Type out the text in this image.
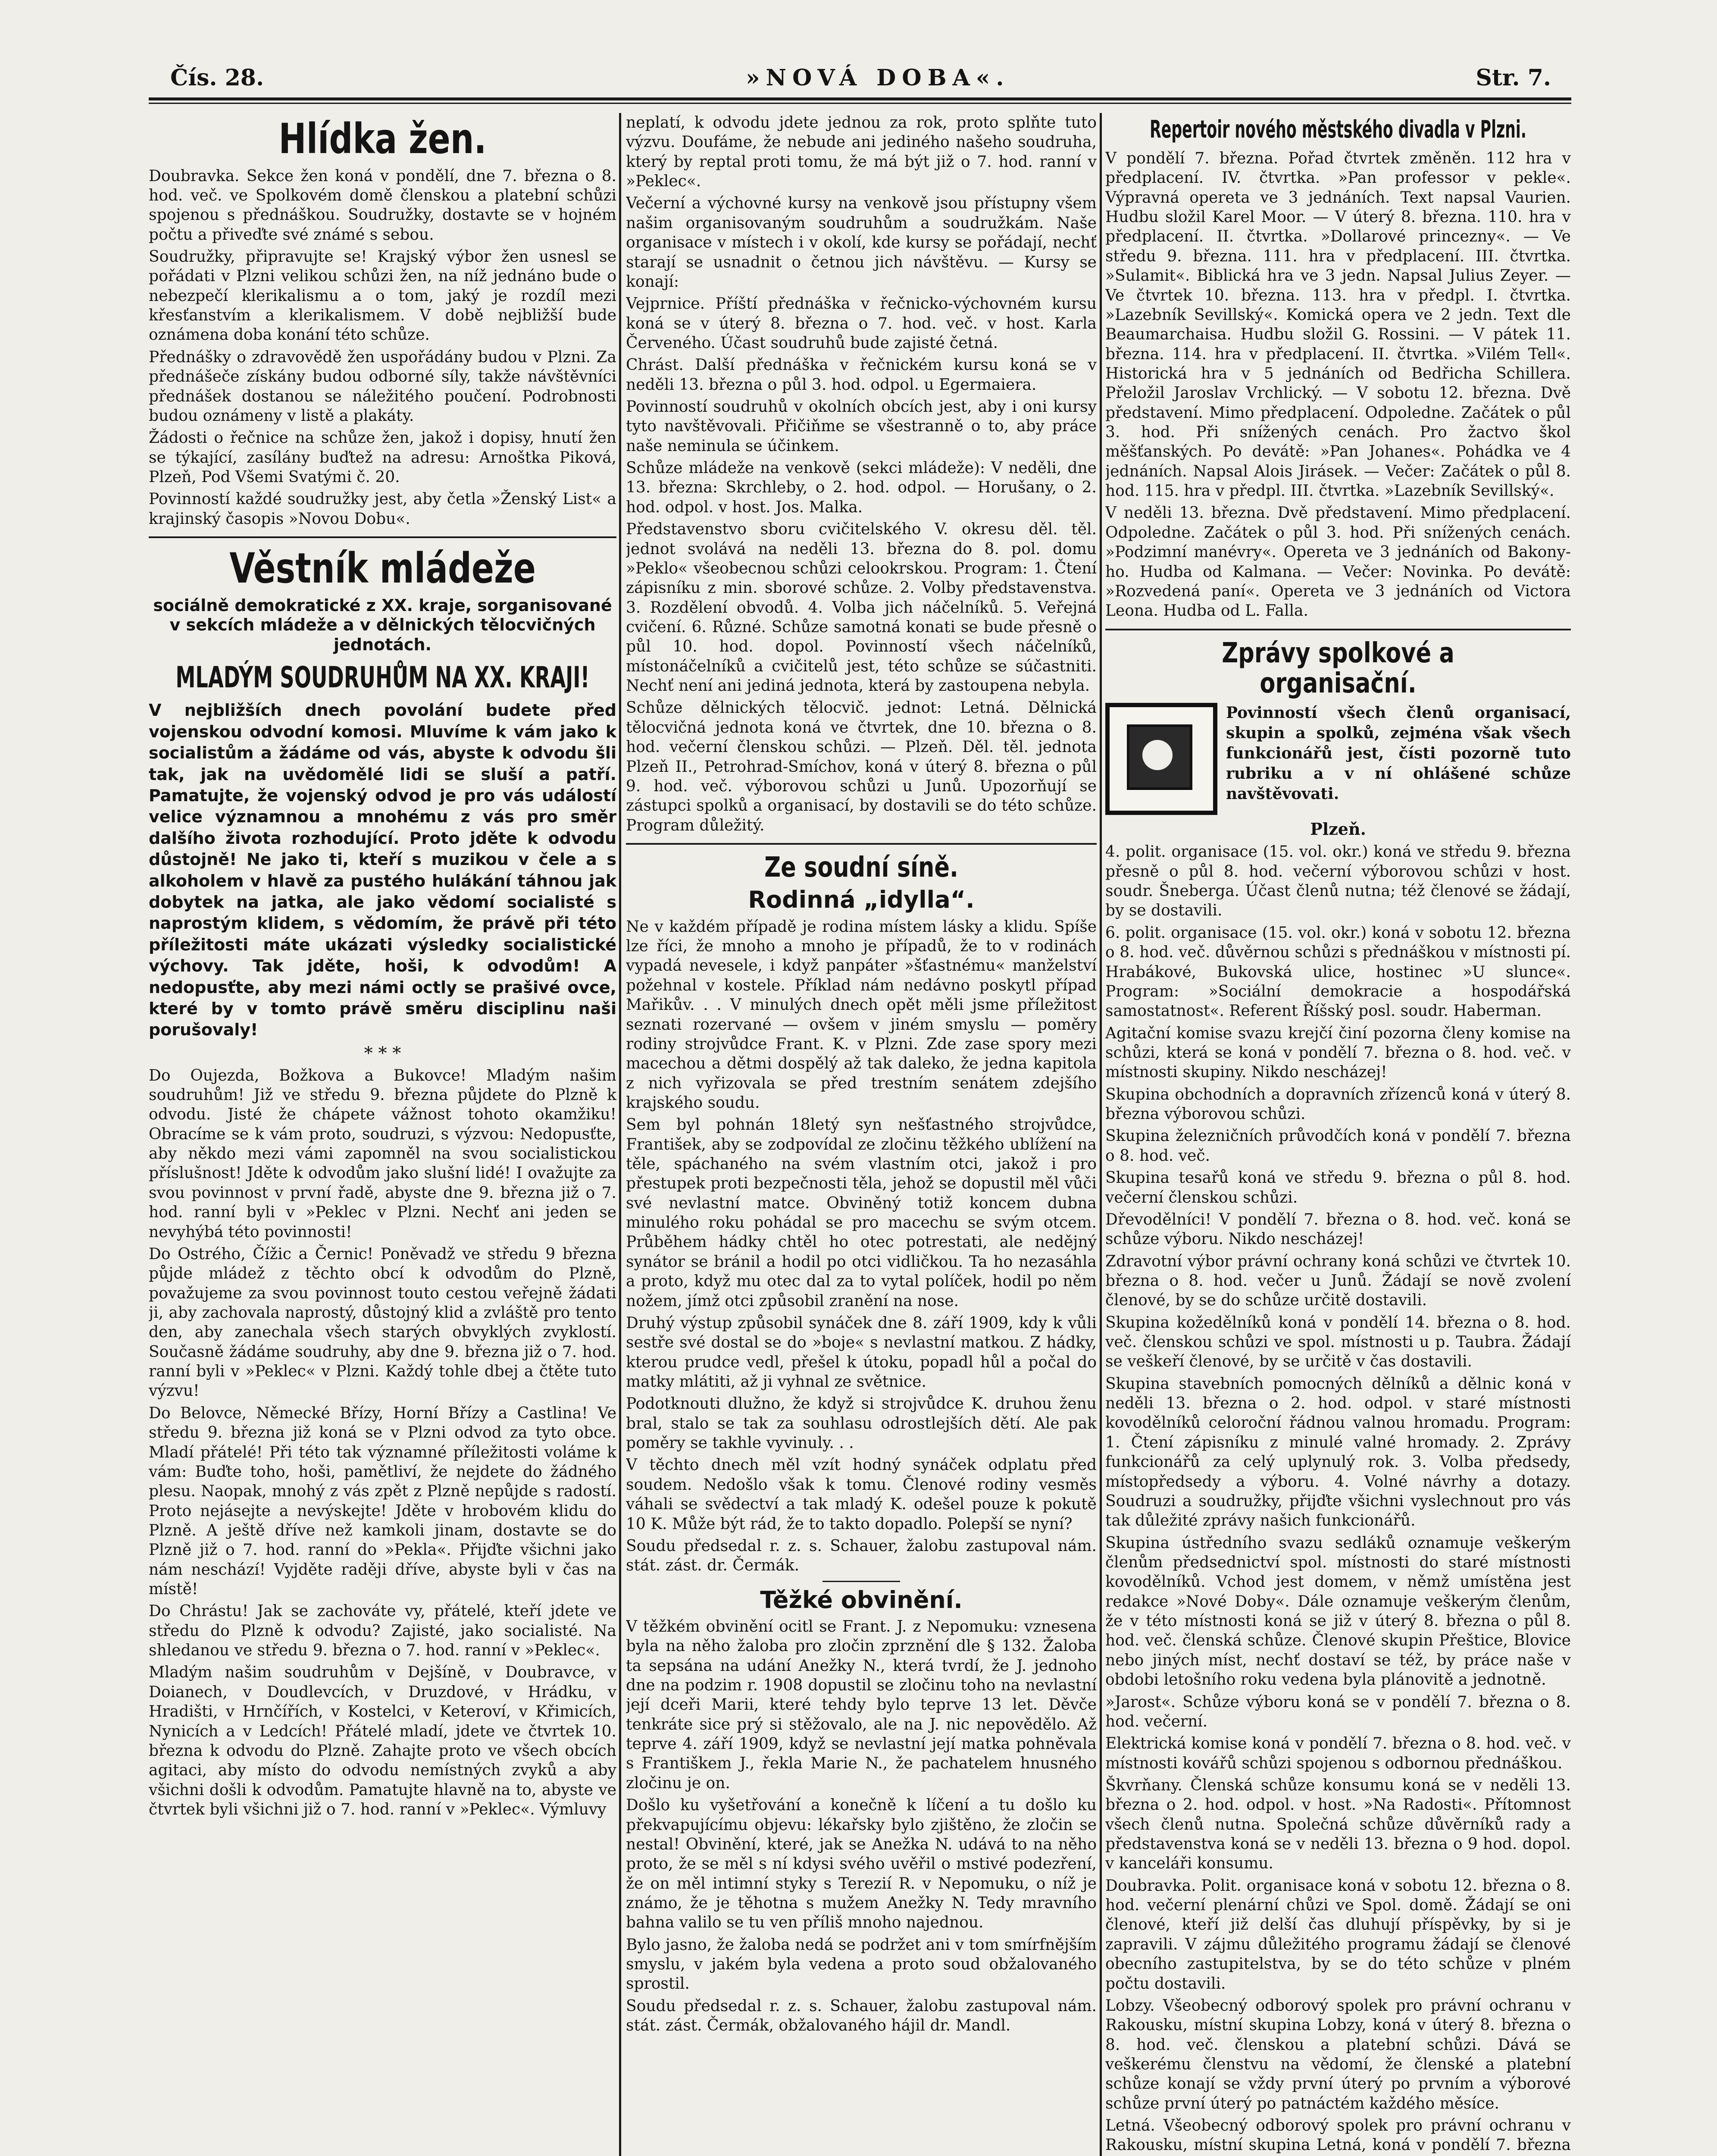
Čís. 28.	»NOVÁ DOBA«.	Str. 7.
Hlídka žen.

Doubravka. Sekce žen koná v pondělí, dne 7. března o 8. hod. več. ve Spolkovém domě členskou a platební schůzi spojenou s přednáškou. Soudružky, dostavte se v hojném počtu a přiveďte své známé s sebou.

Soudružky, připravujte se! Krajský výbor žen usnesl se pořádati v Plzni velikou schůzi žen, na níž jednáno bude o nebezpečí klerikalismu a o tom, jaký je rozdíl mezi křesťanstvím a klerikalismem. V době nejbližší bude oznámena doba konání této schůze.

Přednášky o zdravovědě žen uspořádány budou v Plzni. Za přednášeče získány budou odborné síly, takže návštěvníci přednášek dostanou se náležitého poučení. Podrobnosti budou oznámeny v listě a plakáty.

Žádosti o řečnice na schůze žen, jakož i dopisy, hnutí žen se týkající, zasílány buďtež na adresu: Arnoštka Piková, Plzeň, Pod Všemi Svatými č. 20.

Povinností každé soudružky jest, aby četla »Ženský List« a krajinský časopis »Novou Dobu«.

Věstník mládeže
sociálně demokratické z XX. kraje, sorganisované v sekcích mládeže a v dělnických tělocvičných jednotách.
MLADÝM SOUDRUHŮM NA XX. KRAJI!

V nejbližších dnech povolání budete před vojenskou odvodní komosi. Mluvíme k vám jako k socialistům a žádáme od vás, abyste k odvodu šli tak, jak na uvědomělé lidi se sluší a patří. Pamatujte, že vojenský odvod je pro vás událostí velice významnou a mnohému z vás pro směr dalšího života rozhodující. Proto jděte k odvodu důstojně! Ne jako ti, kteří s muzikou v čele a s alkoholem v hlavě za pustého hulákání táhnou jak dobytek na jatka, ale jako vědomí socialisté s naprostým klidem, s vědomím, že právě při této příležitosti máte ukázati výsledky socialistické výchovy. Tak jděte, hoši, k odvodům! A nedopusťte, aby mezi námi octly se prašivé ovce, které by v tomto právě směru disciplinu naši porušovaly!

* * *

Do Oujezda, Božkova a Bukovce! Mladým našim soudruhům! Již ve středu 9. března půjdete do Plzně k odvodu. Jisté že chápete vážnost tohoto okamžiku! Obracíme se k vám proto, soudruzi, s výzvou: Nedopusťte, aby někdo mezi vámi zapomněl na svou socialistickou příslušnost! Jděte k odvodům jako slušní lidé! I ovažujte za svou povinnost v první řadě, abyste dne 9. března již o 7. hod. ranní byli v »Peklec v Plzni. Nechť ani jeden se nevyhýbá této povinnosti!

Do Ostrého, Čížic a Černic! Poněvadž ve středu 9 března půjde mládež z těchto obcí k odvodům do Plzně, považujeme za svou povinnost touto cestou veřejně žádati ji, aby zachovala naprostý, důstojný klid a zvláště pro tento den, aby zanechala všech starých obvyklých zvyklostí. Současně žádáme soudruhy, aby dne 9. března již o 7. hod. ranní byli v »Peklec« v Plzni. Každý tohle dbej a čtěte tuto výzvu!

Do Belovce, Německé Břízy, Horní Břízy a Castlina! Ve středu 9. března již koná se v Plzni odvod za tyto obce. Mladí přátelé! Při této tak významné příležitosti voláme k vám: Buďte toho, hoši, pamětliví, že nejdete do žádného plesu. Naopak, mnohý z vás zpět z Plzně nepůjde s radostí. Proto nejásejte a nevýskejte! Jděte v hrobovém klidu do Plzně. A ještě dříve než kamkoli jinam, dostavte se do Plzně již o 7. hod. ranní do »Pekla«. Přijďte všichni jako nám neschází! Vyjděte raději dříve, abyste byli v čas na místě!

Do Chrástu! Jak se zachováte vy, přátelé, kteří jdete ve středu do Plzně k odvodu? Zajisté, jako socialisté. Na shledanou ve středu 9. března o 7. hod. ranní v »Peklec«.

Mladým našim soudruhům v Dejšíně, v Doubravce, v Doianech, v Doudlevcích, v Druzdové, v Hrádku, v Hradišti, v Hrnčířích, v Kostelci, v Keteroví, v Křimicích, Nynicích a v Ledcích! Přátelé mladí, jdete ve čtvrtek 10. března k odvodu do Plzně. Zahajte proto ve všech obcích agitaci, aby místo do odvodu nemístných zvyků a aby všichni došli k odvodům. Pamatujte hlavně na to, abyste ve čtvrtek byli všichni již o 7. hod. ranní v »Peklec«. Výmluvy

neplatí, k odvodu jdete jednou za rok, proto splňte tuto výzvu. Doufáme, že nebude ani jediného našeho soudruha, který by reptal proti tomu, že má být již o 7. hod. ranní v »Peklec«.

Večerní a výchovné kursy na venkově jsou přístupny všem našim organisovaným soudruhům a soudružkám. Naše organisace v místech i v okolí, kde kursy se pořádají, nechť starají se usnadnit o četnou jich návštěvu. — Kursy se konají:

Vejprnice. Příští přednáška v řečnicko-výchovném kursu koná se v úterý 8. března o 7. hod. več. v host. Karla Červeného. Účast soudruhů bude zajisté četná.

Chrást. Další přednáška v řečnickém kursu koná se v neděli 13. března o půl 3. hod. odpol. u Egermaiera.

Povinností soudruhů v okolních obcích jest, aby i oni kursy tyto navštěvovali. Přičiňme se všestranně o to, aby práce naše neminula se účinkem.

Schůze mládeže na venkově (sekci mládeže): V neděli, dne 13. března: Skrchleby, o 2. hod. odpol. — Horušany, o 2. hod. odpol. v host. Jos. Malka.

Představenstvo sboru cvičitelského V. okresu děl. těl. jednot svolává na neděli 13. března do 8. pol. domu »Peklo« všeobecnou schůzi celookrskou. Program: 1. Čtení zápisníku z min. sborové schůze. 2. Volby představenstva. 3. Rozdělení obvodů. 4. Volba jich náčelníků. 5. Veřejná cvičení. 6. Různé. Schůze samotná konati se bude přesně o půl 10. hod. dopol. Povinností všech náčelníků, místonáčelníků a cvičitelů jest, této schůze se súčastniti. Nechť není ani jediná jednota, která by zastoupena nebyla.

Schůze dělnických tělocvič. jednot: Letná. Dělnická tělocvičná jednota koná ve čtvrtek, dne 10. března o 8. hod. večerní členskou schůzi. — Plzeň. Děl. těl. jednota Plzeň II., Petrohrad-Smíchov, koná v úterý 8. března o půl 9. hod. več. výborovou schůzi u Junů. Upozorňují se zástupci spolků a organisací, by dostavili se do této schůze. Program důležitý.

Ze soudní síně.
Rodinná „idylla“.

Ne v každém případě je rodina místem lásky a klidu. Spíše lze říci, že mnoho a mnoho je případů, že to v rodinách vypadá nevesele, i když panpáter »šťastnému« manželství požehnal v kostele. Příklad nám nedávno poskytl případ Mařikův. . . V minulých dnech opět měli jsme příležitost seznati rozervané — ovšem v jiném smyslu — poměry rodiny strojvůdce Frant. K. v Plzni. Zde zase spory mezi macechou a dětmi dospělý až tak daleko, že jedna kapitola z nich vyřizovala se před trestním senátem zdejšího krajského soudu.

Sem byl pohnán 18letý syn nešťastného strojvůdce, František, aby se zodpovídal ze zločinu těžkého ublížení na těle, spáchaného na svém vlastním otci, jakož i pro přestupek proti bezpečnosti těla, jehož se dopustil měl vůči své nevlastní matce. Obviněný totiž koncem dubna minulého roku pohádal se pro macechu se svým otcem. Průběhem hádky chtěl ho otec potrestati, ale nedějný synátor se bránil a hodil po otci vidličkou. Ta ho nezasáhla a proto, když mu otec dal za to vytal políček, hodil po něm nožem, jímž otci způsobil zranění na nose.

Druhý výstup způsobil synáček dne 8. září 1909, kdy k vůli sestře své dostal se do »boje« s nevlastní matkou. Z hádky, kterou prudce vedl, přešel k útoku, popadl hůl a počal do matky mlátiti, až ji vyhnal ze světnice.

Podotknouti dlužno, že když si strojvůdce K. druhou ženu bral, stalo se tak za souhlasu odrostlejších dětí. Ale pak poměry se takhle vyvinuly. . .

V těchto dnech měl vzít hodný synáček odplatu před soudem. Nedošlo však k tomu. Členové rodiny vesměs váhali se svědectví a tak mladý K. odešel pouze k pokutě 10 K. Může být rád, že to takto dopadlo. Polepší se nyní?

Soudu předsedal r. z. s. Schauer, žalobu zastupoval nám. stát. zást. dr. Čermák.

Těžké obvinění.

V těžkém obvinění ocitl se Frant. J. z Nepomuku: vznesena byla na něho žaloba pro zločin zprznění dle § 132. Žaloba ta sepsána na udání Anežky N., která tvrdí, že J. jednoho dne na podzim r. 1908 dopustil se zločinu toho na nevlastní její dceři Marii, které tehdy bylo teprve 13 let. Děvče tenkráte sice prý si stěžovalo, ale na J. nic nepovědělo. Až teprve 4. září 1909, když se nevlastní její matka pohněvala s Františkem J., řekla Marie N., že pachatelem hnusného zločinu je on.

Došlo ku vyšetřování a konečně k líčení a tu došlo ku překvapujícímu objevu: lékařsky bylo zjištěno, že zločin se nestal! Obvinění, které, jak se Anežka N. udává to na něho proto, že se měl s ní kdysi svého uvěřil o mstivé podezření, že on měl intimní styky s Terezií R. v Nepomuku, o níž je známo, že je těhotna s mužem Anežky N. Tedy mravního bahna valilo se tu ven příliš mnoho najednou.

Bylo jasno, že žaloba nedá se podržet ani v tom smírfnějším smyslu, v jakém byla vedena a proto soud obžalovaného sprostil.

Soudu předsedal r. z. s. Schauer, žalobu zastupoval nám. stát. zást. Čermák, obžalovaného hájil dr. Mandl.

Repertoir nového městského divadla v Plzni.

V pondělí 7. března. Pořad čtvrtek změněn. 112 hra v předplacení. IV. čtvrtka. »Pan professor v pekle«. Výpravná opereta ve 3 jednáních. Text napsal Vaurien. Hudbu složil Karel Moor. — V úterý 8. března. 110. hra v předplacení. II. čtvrtka. »Dollarové princezny«. — Ve středu 9. března. 111. hra v předplacení. III. čtvrtka. »Sulamit«. Biblická hra ve 3 jedn. Napsal Julius Zeyer. — Ve čtvrtek 10. března. 113. hra v předpl. I. čtvrtka. »Lazebník Sevillský«. Komická opera ve 2 jedn. Text dle Beaumarchaisa. Hudbu složil G. Rossini. — V pátek 11. března. 114. hra v předplacení. II. čtvrtka. »Vilém Tell«. Historická hra v 5 jednáních od Bedřicha Schillera. Přeložil Jaroslav Vrchlický. — V sobotu 12. března. Dvě představení. Mimo předplacení. Odpoledne. Začátek o půl 3. hod. Při snížených cenách. Pro žactvo škol měšťanských. Po devátě: »Pan Johanes«. Pohádka ve 4 jednáních. Napsal Alois Jirásek. — Večer: Začátek o půl 8. hod. 115. hra v předpl. III. čtvrtka. »Lazebník Sevillský«.

V neděli 13. března. Dvě představení. Mimo předplacení. Odpoledne. Začátek o půl 3. hod. Při snížených cenách. »Podzimní manévry«. Opereta ve 3 jednáních od Bakony-ho. Hudba od Kalmana. — Večer: Novinka. Po devátě: »Rozvedená paní«. Opereta ve 3 jednáních od Victora Leona. Hudba od L. Falla.

Zprávy spolkové a organisační.
Povinností všech členů organisací, skupin a spolků, zejména však všech funkcionářů jest, čísti pozorně tuto rubriku a v ní ohlášené schůze navštěvovati.
Plzeň.

4. polit. organisace (15. vol. okr.) koná ve středu 9. března přesně o půl 8. hod. večerní výborovou schůzi v host. soudr. Šneberga. Účast členů nutna; též členové se žádají, by se dostavili.

6. polit. organisace (15. vol. okr.) koná v sobotu 12. března o 8. hod. več. důvěrnou schůzi s přednáškou v místnosti pí. Hrabákové, Bukovská ulice, hostinec »U slunce«. Program: »Sociální demokracie a hospodářská samostatnost«. Referent Říšský posl. soudr. Haberman.

Agitační komise svazu krejčí činí pozorna členy komise na schůzi, která se koná v pondělí 7. března o 8. hod. več. v místnosti skupiny. Nikdo nescházej!

Skupina obchodních a dopravních zřízenců koná v úterý 8. března výborovou schůzi.

Skupina železničních průvodčích koná v pondělí 7. března o 8. hod. več.

Skupina tesařů koná ve středu 9. března o půl 8. hod. večerní členskou schůzi.

Dřevodělníci! V pondělí 7. března o 8. hod. več. koná se schůze výboru. Nikdo nescházej!

Zdravotní výbor právní ochrany koná schůzi ve čtvrtek 10. března o 8. hod. večer u Junů. Žádají se nově zvolení členové, by se do schůze určitě dostavili.

Skupina kožedělníků koná v pondělí 14. března o 8. hod. več. členskou schůzi ve spol. místnosti u p. Taubra. Žádají se veškeří členové, by se určitě v čas dostavili.

Skupina stavebních pomocných dělníků a dělnic koná v neděli 13. března o 2. hod. odpol. v staré místnosti kovodělníků celoroční řádnou valnou hromadu. Program: 1. Čtení zápisníku z minulé valné hromady. 2. Zprávy funkcionářů za celý uplynulý rok. 3. Volba předsedy, místopředsedy a výboru. 4. Volné návrhy a dotazy. Soudruzi a soudružky, přijďte všichni vyslechnout pro vás tak důležité zprávy našich funkcionářů.

Skupina ústředního svazu sedláků oznamuje veškerým členům předsednictví spol. místnosti do staré místnosti kovodělníků. Vchod jest domem, v němž umístěna jest redakce »Nové Doby«. Dále oznamuje veškerým členům, že v této místnosti koná se již v úterý 8. března o půl 8. hod. več. členská schůze. Členové skupin Přeštice, Blovice nebo jiných míst, nechť dostaví se též, by práce naše v obdobi letošního roku vedena byla plánovitě a jednotně.

»Jarost«. Schůze výboru koná se v pondělí 7. března o 8. hod. večerní.

Elektrická komise koná v pondělí 7. března o 8. hod. več. v místnosti kovářů schůzi spojenou s odbornou přednáškou.

Škvrňany. Členská schůze konsumu koná se v neděli 13. března o 2. hod. odpol. v host. »Na Radosti«. Přítomnost všech členů nutna. Společná schůze důvěrníků rady a představenstva koná se v neděli 13. března o 9 hod. dopol. v kanceláři konsumu.

Doubravka. Polit. organisace koná v sobotu 12. března o 8. hod. večerní plenární chůzi ve Spol. domě. Žádají se oni členové, kteří již delší čas dluhují příspěvky, by si je zapravili. V zájmu důležitého programu žádají se členové obecního zastupitelstva, by se do této schůze v plném počtu dostavili.

Lobzy. Všeobecný odborový spolek pro právní ochranu v Rakousku, místní skupina Lobzy, koná v úterý 8. března o 8. hod. več. členskou a platební schůzi. Dává se veškerému členstvu na vědomí, že členské a platební schůze konají se vždy první úterý po prvním a výborové schůze první úterý po patnáctém každého měsíce.

Letná. Všeobecný odborový spolek pro právní ochranu v Rakousku, místní skupina Letná, koná v pondělí 7. března
